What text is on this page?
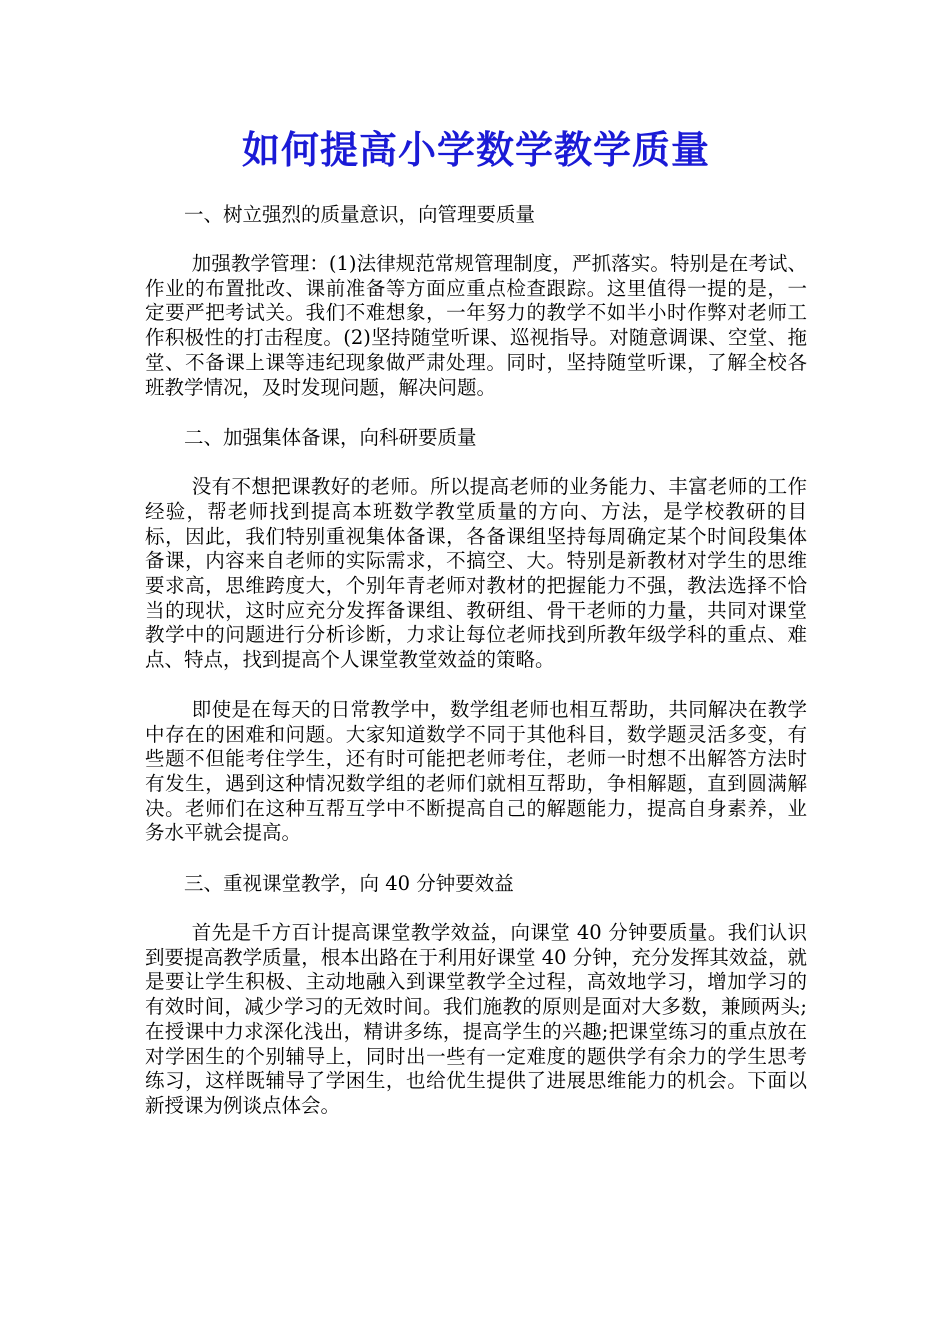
如何提高小学数学教学质量

一、树立强烈的质量意识，向管理要质量

加强教学管理：(1)法律规范常规管理制度，严抓落实。特别是在考试、作业的布置批改、课前准备等方面应重点检查跟踪。这里值得一提的是，一定要严把考试关。我们不难想象，一年努力的教学不如半小时作弊对老师工作积极性的打击程度。(2)坚持随堂听课、巡视指导。对随意调课、空堂、拖堂、不备课上课等违纪现象做严肃处理。同时，坚持随堂听课，了解全校各班教学情况，及时发现问题，解决问题。

二、加强集体备课，向科研要质量

没有不想把课教好的老师。所以提高老师的业务能力、丰富老师的工作经验，帮老师找到提高本班数学教堂质量的方向、方法，是学校教研的目标，因此，我们特别重视集体备课，各备课组坚持每周确定某个时间段集体备课，内容来自老师的实际需求，不搞空、大。特别是新教材对学生的思维要求高，思维跨度大，个别年青老师对教材的把握能力不强，教法选择不恰当的现状，这时应充分发挥备课组、教研组、骨干老师的力量，共同对课堂教学中的问题进行分析诊断，力求让每位老师找到所教年级学科的重点、难点、特点，找到提高个人课堂教堂效益的策略。

即使是在每天的日常教学中，数学组老师也相互帮助，共同解决在教学中存在的困难和问题。大家知道数学不同于其他科目，数学题灵活多变，有些题不但能考住学生，还有时可能把老师考住，老师一时想不出解答方法时有发生，遇到这种情况数学组的老师们就相互帮助，争相解题，直到圆满解决。老师们在这种互帮互学中不断提高自己的解题能力，提高自身素养，业务水平就会提高。

三、重视课堂教学，向 40 分钟要效益

首先是千方百计提高课堂教学效益，向课堂 40 分钟要质量。我们认识到要提高教学质量，根本出路在于利用好课堂 40 分钟，充分发挥其效益，就是要让学生积极、主动地融入到课堂教学全过程，高效地学习，增加学习的有效时间，减少学习的无效时间。我们施教的原则是面对大多数，兼顾两头;在授课中力求深化浅出，精讲多练，提高学生的兴趣;把课堂练习的重点放在对学困生的个别辅导上，同时出一些有一定难度的题供学有余力的学生思考练习，这样既辅导了学困生，也给优生提供了进展思维能力的机会。下面以新授课为例谈点体会。
